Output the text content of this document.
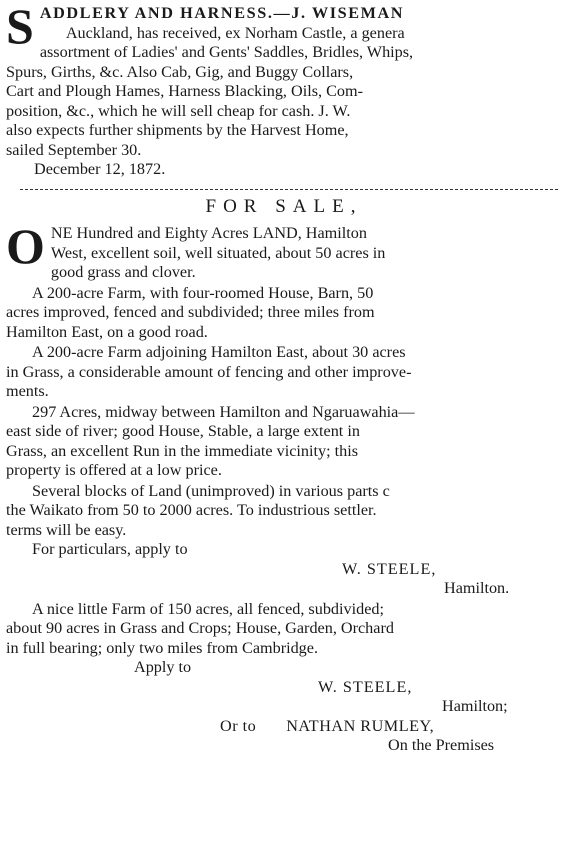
S ADDLERY AND HARNESS.—J. WISEMAN
Auckland, has received, ex Norham Castle, a genera
assortment of Ladies' and Gents' Saddles, Bridles, Whips,
Spurs, Girths, &c. Also Cab, Gig, and Buggy Collars,
Cart and Plough Hames, Harness Blacking, Oils, Com-
position, &c., which he will sell cheap for cash. J. W.
also expects further shipments by the Harvest Home,
sailed September 30.
December 12, 1872.
FOR SALE,
O NE Hundred and Eighty Acres LAND, Hamilton
West, excellent soil, well situated, about 50 acres in
good grass and clover.
A 200-acre Farm, with four-roomed House, Barn, 50
acres improved, fenced and subdivided; three miles from
Hamilton East, on a good road.
A 200-acre Farm adjoining Hamilton East, about 30 acres
in Grass, a considerable amount of fencing and other improve-
ments.
297 Acres, midway between Hamilton and Ngaruawahia—
east side of river; good House, Stable, a large extent in
Grass, an excellent Run in the immediate vicinity; this
property is offered at a low price.
Several blocks of Land (unimproved) in various parts c
the Waikato from 50 to 2000 acres. To industrious settler.
terms will be easy.
For particulars, apply to
W. STEELE,
Hamilton.
A nice little Farm of 150 acres, all fenced, subdivided;
about 90 acres in Grass and Crops; House, Garden, Orchard
in full bearing; only two miles from Cambridge.
Apply to
W. STEELE,
Hamilton;
Or to NATHAN RUMLEY,
On the Premises
